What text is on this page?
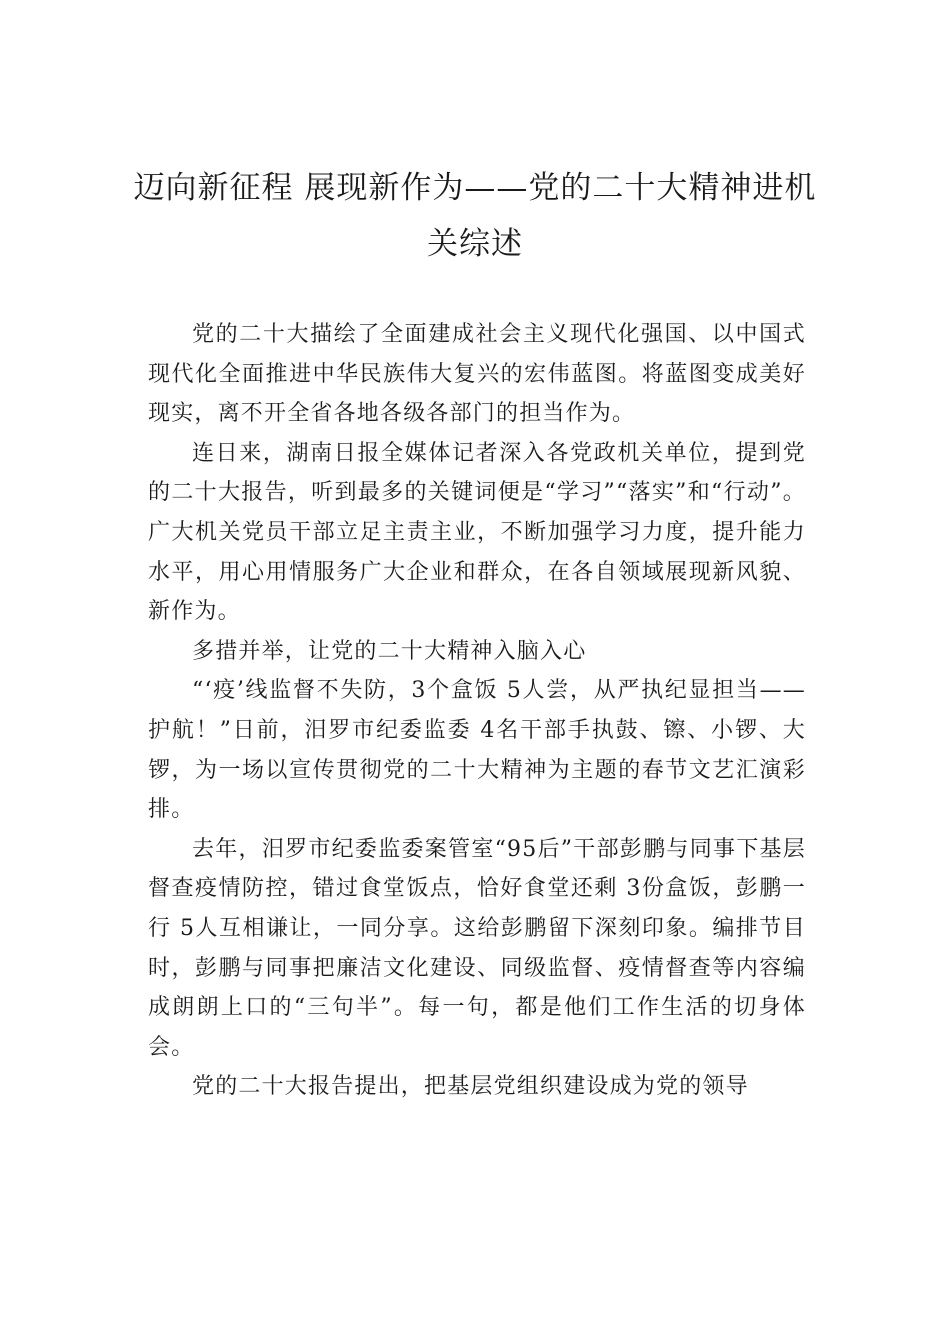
迈向新征程 展现新作为——党的二十大精神进机关综述

党的二十大描绘了全面建成社会主义现代化强国、以中国式现代化全面推进中华民族伟大复兴的宏伟蓝图。将蓝图变成美好现实，离不开全省各地各级各部门的担当作为。

连日来，湖南日报全媒体记者深入各党政机关单位，提到党的二十大报告，听到最多的关键词便是“学习”“落实”和“行动”。广大机关党员干部立足主责主业，不断加强学习力度，提升能力水平，用心用情服务广大企业和群众，在各自领域展现新风貌、新作为。

多措并举，让党的二十大精神入脑入心

“‘疫’线监督不失防，3个盒饭 5人尝，从严执纪显担当——护航！”日前，汨罗市纪委监委 4名干部手执鼓、镲、小锣、大锣，为一场以宣传贯彻党的二十大精神为主题的春节文艺汇演彩排。

去年，汨罗市纪委监委案管室“95后”干部彭鹏与同事下基层督查疫情防控，错过食堂饭点，恰好食堂还剩 3份盒饭，彭鹏一行 5人互相谦让，一同分享。这给彭鹏留下深刻印象。编排节目时，彭鹏与同事把廉洁文化建设、同级监督、疫情督查等内容编成朗朗上口的“三句半”。每一句，都是他们工作生活的切身体会。

党的二十大报告提出，把基层党组织建设成为党的领导
